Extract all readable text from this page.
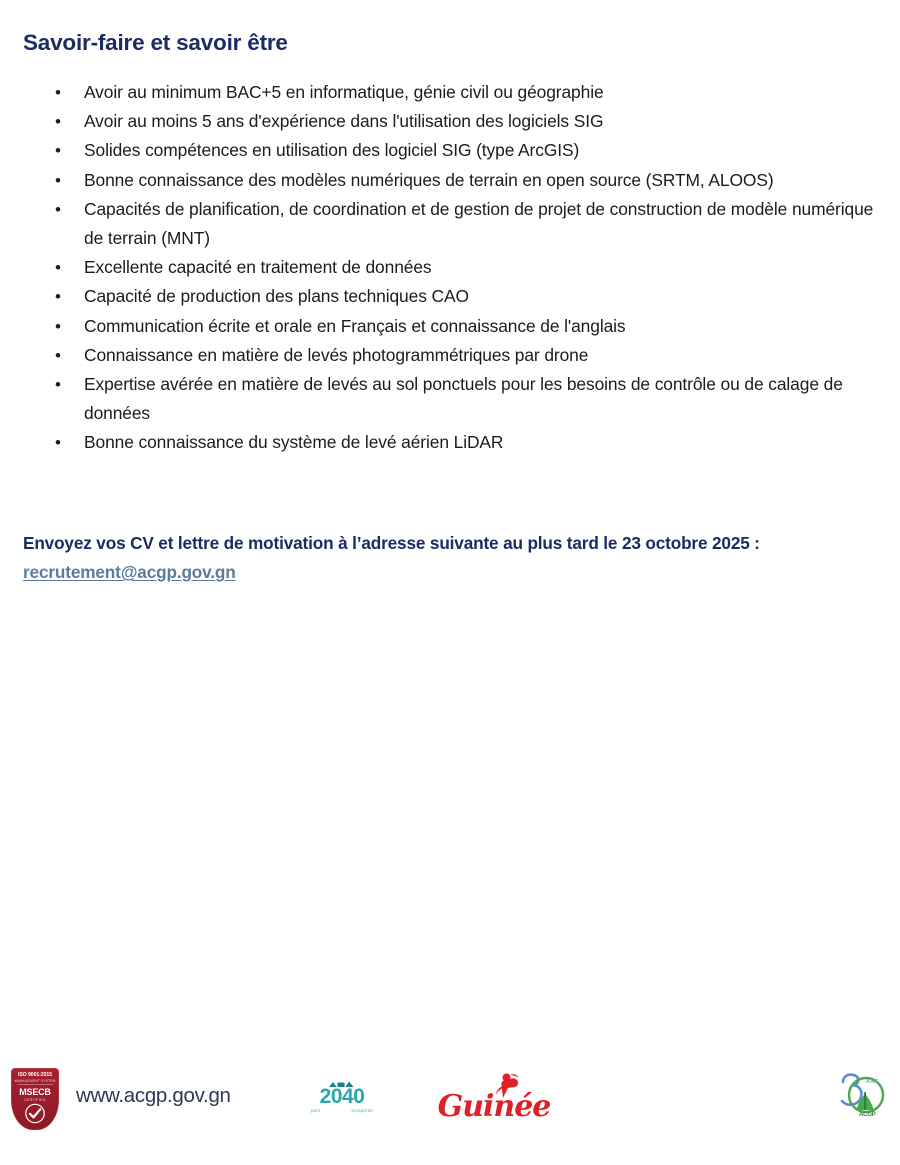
Savoir-faire et savoir être
•	Avoir au minimum BAC+5 en informatique, génie civil ou géographie
•	Avoir au moins 5 ans d'expérience dans l'utilisation des logiciels SIG
•	Solides compétences en utilisation des logiciel SIG (type ArcGIS)
•	Bonne connaissance des modèles numériques de terrain en open source (SRTM, ALOOS)
•	Capacités de planification, de coordination et de gestion de projet de construction de modèle numérique de terrain (MNT)
•	Excellente capacité en traitement de données
•	Capacité de production des plans techniques CAO
•	Communication écrite et orale en Français et connaissance de l'anglais
•	Connaissance en matière de levés photogrammétriques par drone
•	Expertise avérée en matière de levés au sol ponctuels pour les besoins de contrôle ou de calage de données
•	Bonne connaissance du système de levé aérien LiDAR

Envoyez vos CV et lettre de motivation à l’adresse suivante au plus tard le 23 octobre 2025 : recrutement@acgp.gov.gn

ISO 9001:2015
MANAGEMENT SYSTEM
MSECB
CERTIFIED	www.acgp.gov.gn	2040
parti	prospérité	Guinée
ANS
ACGP
